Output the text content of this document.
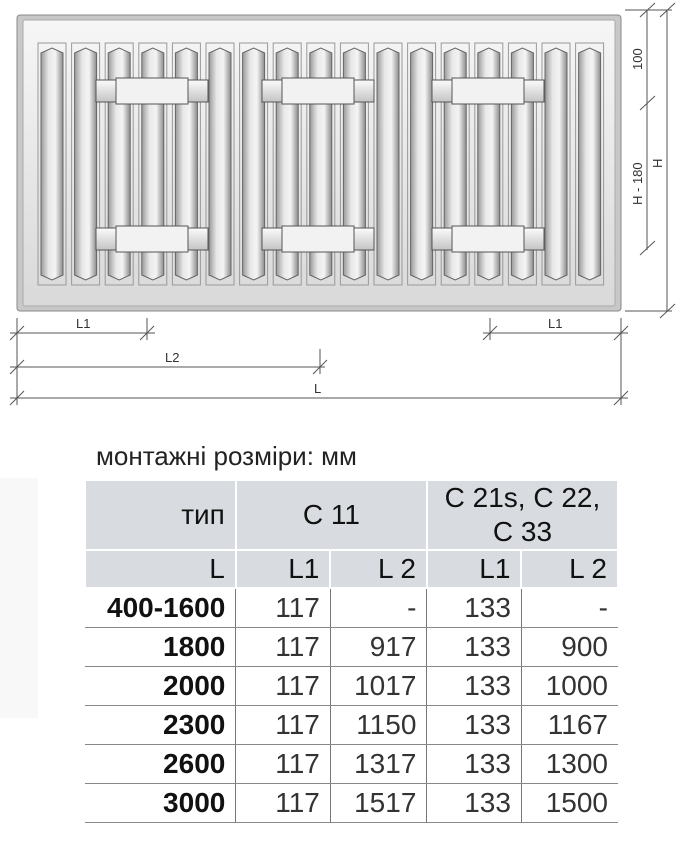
100
H - 180 H
L1	L1
L2
L
монтажні розміри: мм
тип	С 11		С 21s, С 22,
С 33	
L	L1	L 2	L1	L 2
400-1600	117	-	133	-
1800	117	917	133	900
2000	117	1017	133	1000
2300	117	1150	133	1167
2600	117	1317	133	1300
3000	117	1517	133	1500
